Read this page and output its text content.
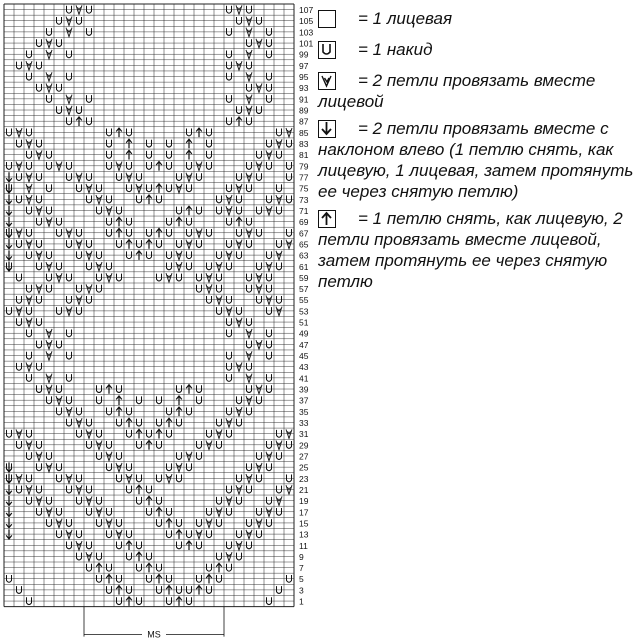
107
105
103
101
99
97
95
93
91
89
87
85
83
81
79
77
75
73
71
69
67
65
63
61
59
57
55
53
51
49
47
45
43
41
39
37
35
33
31
29
27
25
23
21
19
17
15
13
11
9
7
5
3
1
MS
= 1 лицевая
= 1 накид
= 2 петли провязать вместе лицевой
= 2 петли провязать вместе с наклоном влево (1 петлю снять, как лицевую, 1 лицевая, затем протянуть ее через снятую петлю)
= 1 петлю снять, как лицевую, 2 петли провязать вместе лицевой, затем протянуть ее через снятую петлю
